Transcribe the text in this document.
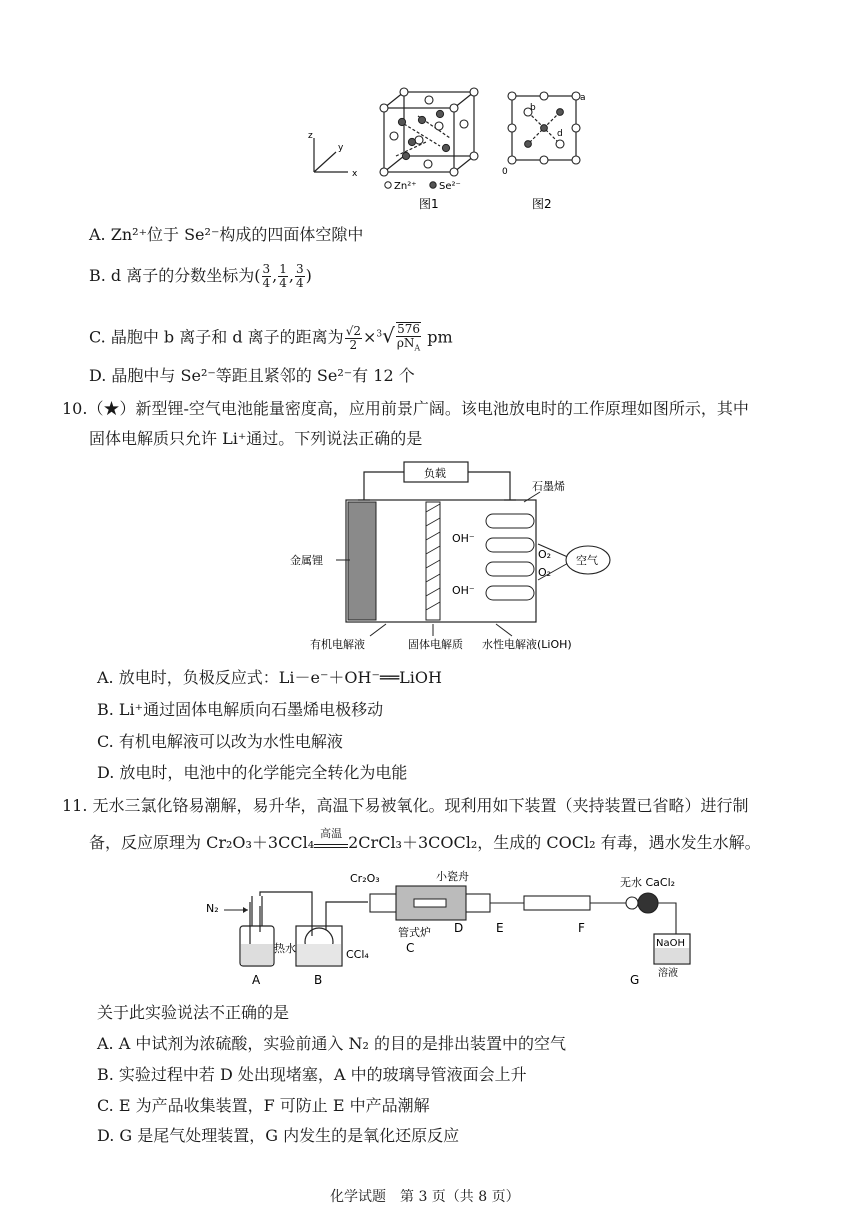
z
x
y
Zn²⁺ Se²⁻
图1
b
d
a
0
图2
A. Zn²⁺位于 Se²⁻构成的四面体空隙中
B. d 离子的分数坐标为( $\frac{3}{4}$ , $\frac{1}{4}$ , $\frac{3}{4}$ )
C. 晶胞中 b 离子和 d 离子的距离为 $\frac{√2}{2} \times^3√ \frac{576}{\rho N_A}$ pm
D. 晶胞中与 Se²⁻等距且紧邻的 Se²⁻有 12 个
10.（★）新型锂-空气电池能量密度高，应用前景广阔。该电池放电时的工作原理如图所示，其中
固体电解质只允许 Li⁺通过。下列说法正确的是
负载
石墨烯
OH⁻
OH⁻
O₂
O₂
空气
金属锂
有机电解液	固体电解质 水性电解液(LiOH)
A. 放电时，负极反应式：Li－e⁻＋OH⁻══LiOH
B. Li⁺通过固体电解质向石墨烯电极移动
C. 有机电解液可以改为水性电解液
D. 放电时，电池中的化学能完全转化为电能
11. 无水三氯化铬易潮解，易升华，高温下易被氧化。现利用如下装置（夹持装置已省略）进行制
备，反应原理为 Cr₂O₃＋3CCl₄ 高温 2CrCl₃＋3COCl₂，生成的 COCl₂ 有毒，遇水发生水解。
N₂
热水	CCl₄
Cr₂O₃	小瓷舟
管式炉
无水 CaCl₂
NaOH
溶液
A	B
C
D	E	F
G
关于此实验说法不正确的是
A. A 中试剂为浓硫酸，实验前通入 N₂ 的目的是排出装置中的空气
B. 实验过程中若 D 处出现堵塞，A 中的玻璃导管液面会上升
C. E 为产品收集装置，F 可防止 E 中产品潮解
D. G 是尾气处理装置，G 内发生的是氧化还原反应
化学试题　第 3 页（共 8 页）
